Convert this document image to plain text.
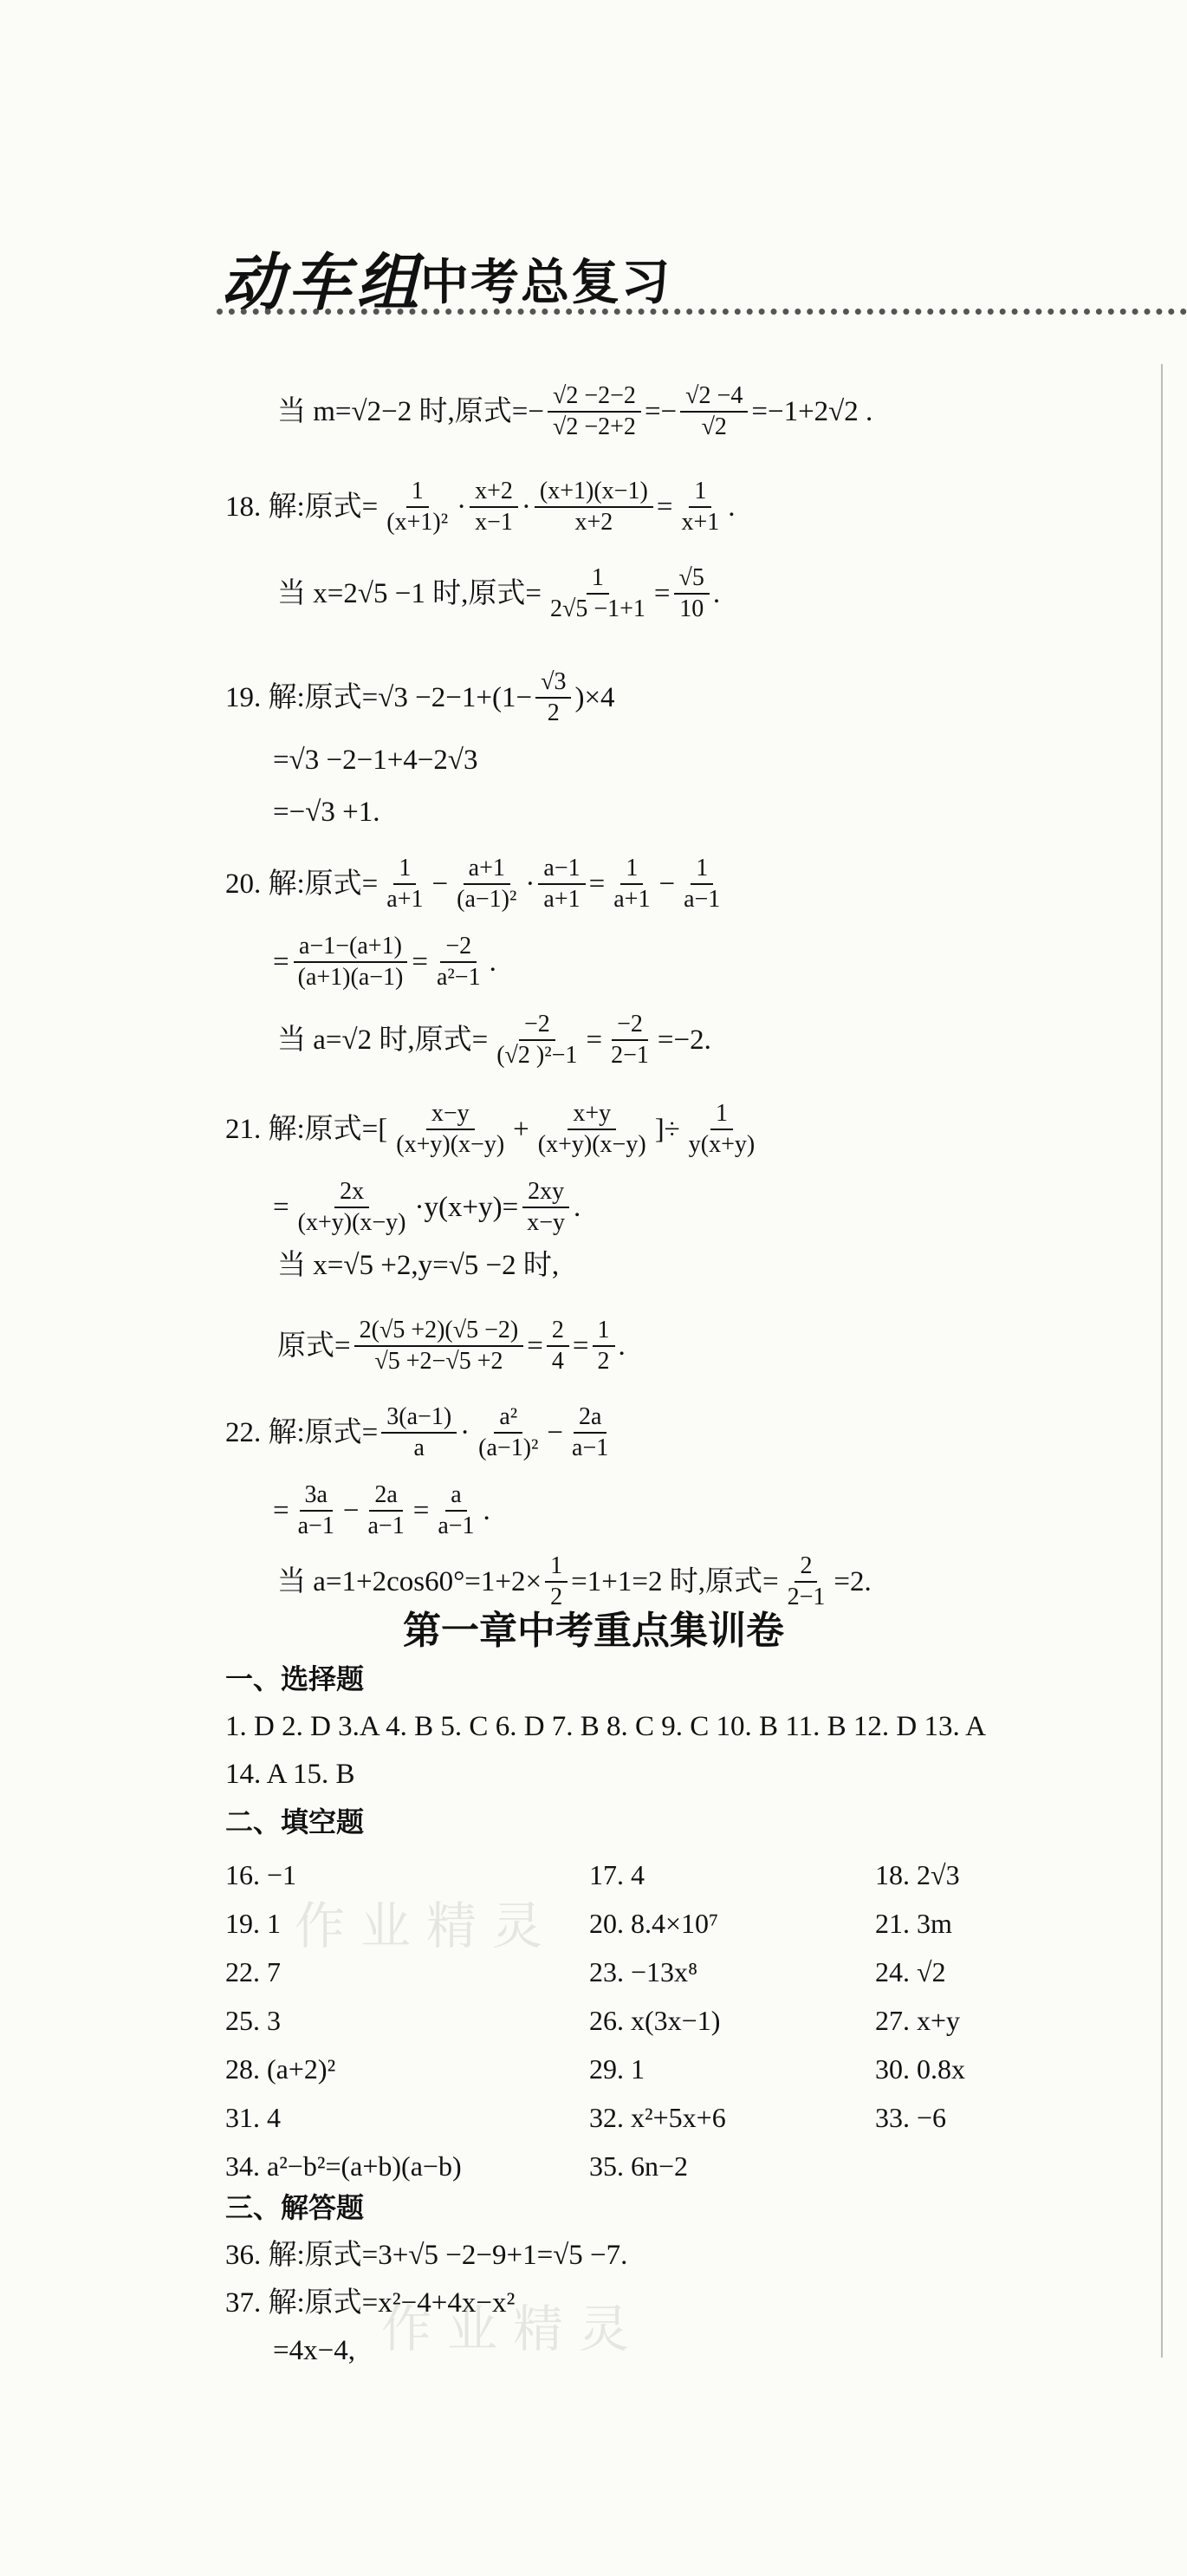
动车组
中考总复习
当 m=√ 2 −2 时,原式=− $\frac{√2 -2-2}{√2 -2+2} =- \frac{√2 -4}{√2} =-1+2√2$ .
18. 解:原式= $\frac{1}{\text{(x+1)²}} \cdot \frac{x+2}{x-1} \cdot \frac{(x+1)(x-1)}{x+2} = \frac{1}{x+1}$ .
当 x=2√5 −1 时,原式= $\frac{1}{2√5 -1+1} = \frac{√5}{10}$ .
19. 解:原式$=√3 -2-1+(1- \frac{√3}{2} )\times 4$
=√3 −2−1+4−2√3
=−√3 +1.
20. 解:原式= $\frac{1}{a+1} - \frac{a+1}{\text{(a−1)²}} \cdot \frac{a-1}{a+1} = \frac{1}{a+1} - \frac{1}{a-1}$
= $\frac{a-1-(a+1)}{(a+1)(a-1)} = \frac{-2}{\text{a²−1}}$ .
当 a=√2 时,原式= $\frac{-2}{\text{(√2 )²−1}} = \frac{-2}{2-1} =-2$.
21. 解:原式=[ $\frac{x-y}{(x+y)(x-y)} + \frac{x+y}{(x+y)(x-y)}$ ]÷ $\frac{1}{y(x+y)}$
= $\frac{2x}{(x+y)(x-y)} \cdot y(x+y)= \frac{2xy}{x-y}$ .
当 x=√5 +2,y=√5 −2 时,
原式= $\frac{2(√5 +2)(√5 -2)}{√5 +2-√5 +2} = \frac{2}{4} = \frac{1}{2}$ .
22. 解:原式= $\frac{3(a-1)}{a} \cdot \frac{\text{a²}}{\text{(a−1)²}} - \frac{2a}{a-1}$
= $\frac{3a}{a-1} - \frac{2a}{a-1} = \frac{a}{a-1}$ .
当 $a=1+2\cos 60^\circ=1+2\times \frac{1}{2} =1+1=2$ 时,原式= $\frac{2}{2-1} =2$.
第一章中考重点集训卷
一、选择题
1. D 2. D 3.A 4. B 5. C 6. D 7. B 8. C 9. C 10. B 11. B 12. D 13. A
14. A 15. B
二、填空题
16. −1	17. 4	18. 2√3
19. 1	20. 8.4×10⁷	21. 3m
22. 7	23. −13x⁸	24. √2
25. 3	26. x(3x−1)	27. x+y
28. (a+2)²	29. 1	30. 0.8x
31. 4	32. x²+5x+6	33. −6
34. a²−b²=(a+b)(a−b)	35. 6n−2
三、解答题
36. 解:原式=3+√5 −2−9+1=√5 −7.
37. 解:原式=x²−4+4x−x²
=4x−4,
作业精灵
作业精灵
